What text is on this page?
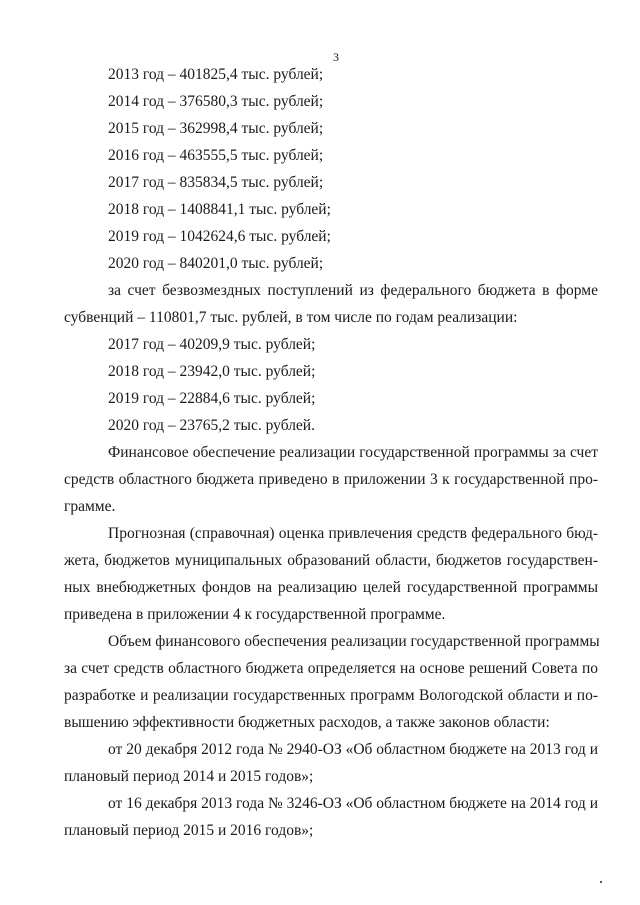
3
2013 год – 401825,4 тыс. рублей;
2014 год – 376580,3 тыс. рублей;
2015 год – 362998,4 тыс. рублей;
2016 год – 463555,5 тыс. рублей;
2017 год – 835834,5 тыс. рублей;
2018 год – 1408841,1 тыс. рублей;
2019 год – 1042624,6 тыс. рублей;
2020 год – 840201,0 тыс. рублей;
за счет безвозмездных поступлений из федерального бюджета в форме
субвенций – 110801,7 тыс. рублей, в том числе по годам реализации:
2017 год – 40209,9 тыс. рублей;
2018 год – 23942,0 тыс. рублей;
2019 год – 22884,6 тыс. рублей;
2020 год – 23765,2 тыс. рублей.
Финансовое обеспечение реализации государственной программы за счет
средств областного бюджета приведено в приложении 3 к государственной про-
грамме.
Прогнозная (справочная) оценка привлечения средств федерального бюд-
жета, бюджетов муниципальных образований области, бюджетов государствен-
ных внебюджетных фондов на реализацию целей государственной программы
приведена в приложении 4 к государственной программе.
Объем финансового обеспечения реализации государственной программы
за счет средств областного бюджета определяется на основе решений Совета по
разработке и реализации государственных программ Вологодской области и по-
вышению эффективности бюджетных расходов, а также законов области:
от 20 декабря 2012 года № 2940-ОЗ «Об областном бюджете на 2013 год и
плановый период 2014 и 2015 годов»;
от 16 декабря 2013 года № 3246-ОЗ «Об областном бюджете на 2014 год и
плановый период 2015 и 2016 годов»;
